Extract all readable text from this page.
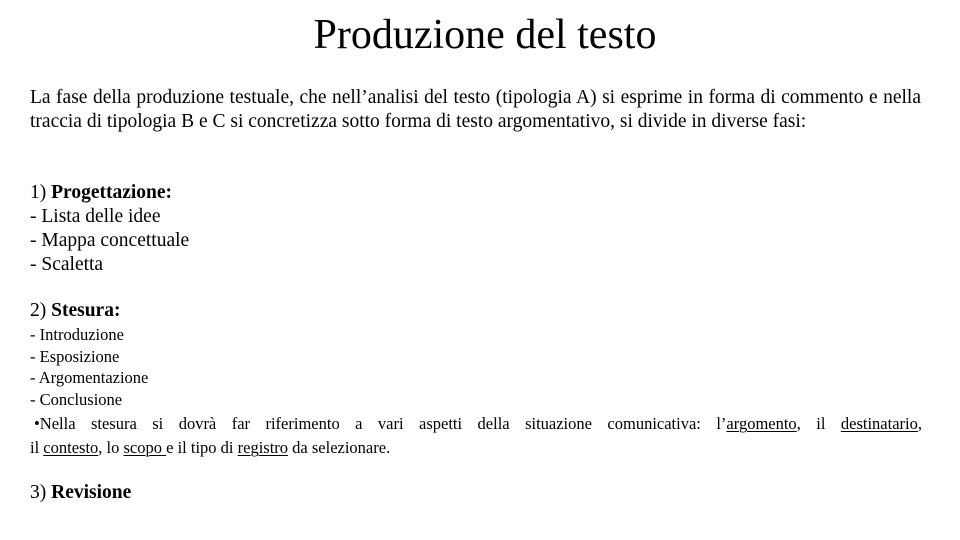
Produzione del testo
La fase della produzione testuale, che nell’analisi del testo (tipologia A) si esprime in forma di commento e nella traccia di tipologia B e C si concretizza sotto forma di testo argomentativo, si divide in diverse fasi:
1) Progettazione:
- Lista delle idee
- Mappa concettuale
- Scaletta
2) Stesura:
- Introduzione
- Esposizione
- Argomentazione
- Conclusione
•Nella stesura si dovrà far riferimento a vari aspetti della situazione comunicativa: l’argomento, il destinatario,
il contesto, lo scopo e il tipo di registro da selezionare.
3) Revisione
